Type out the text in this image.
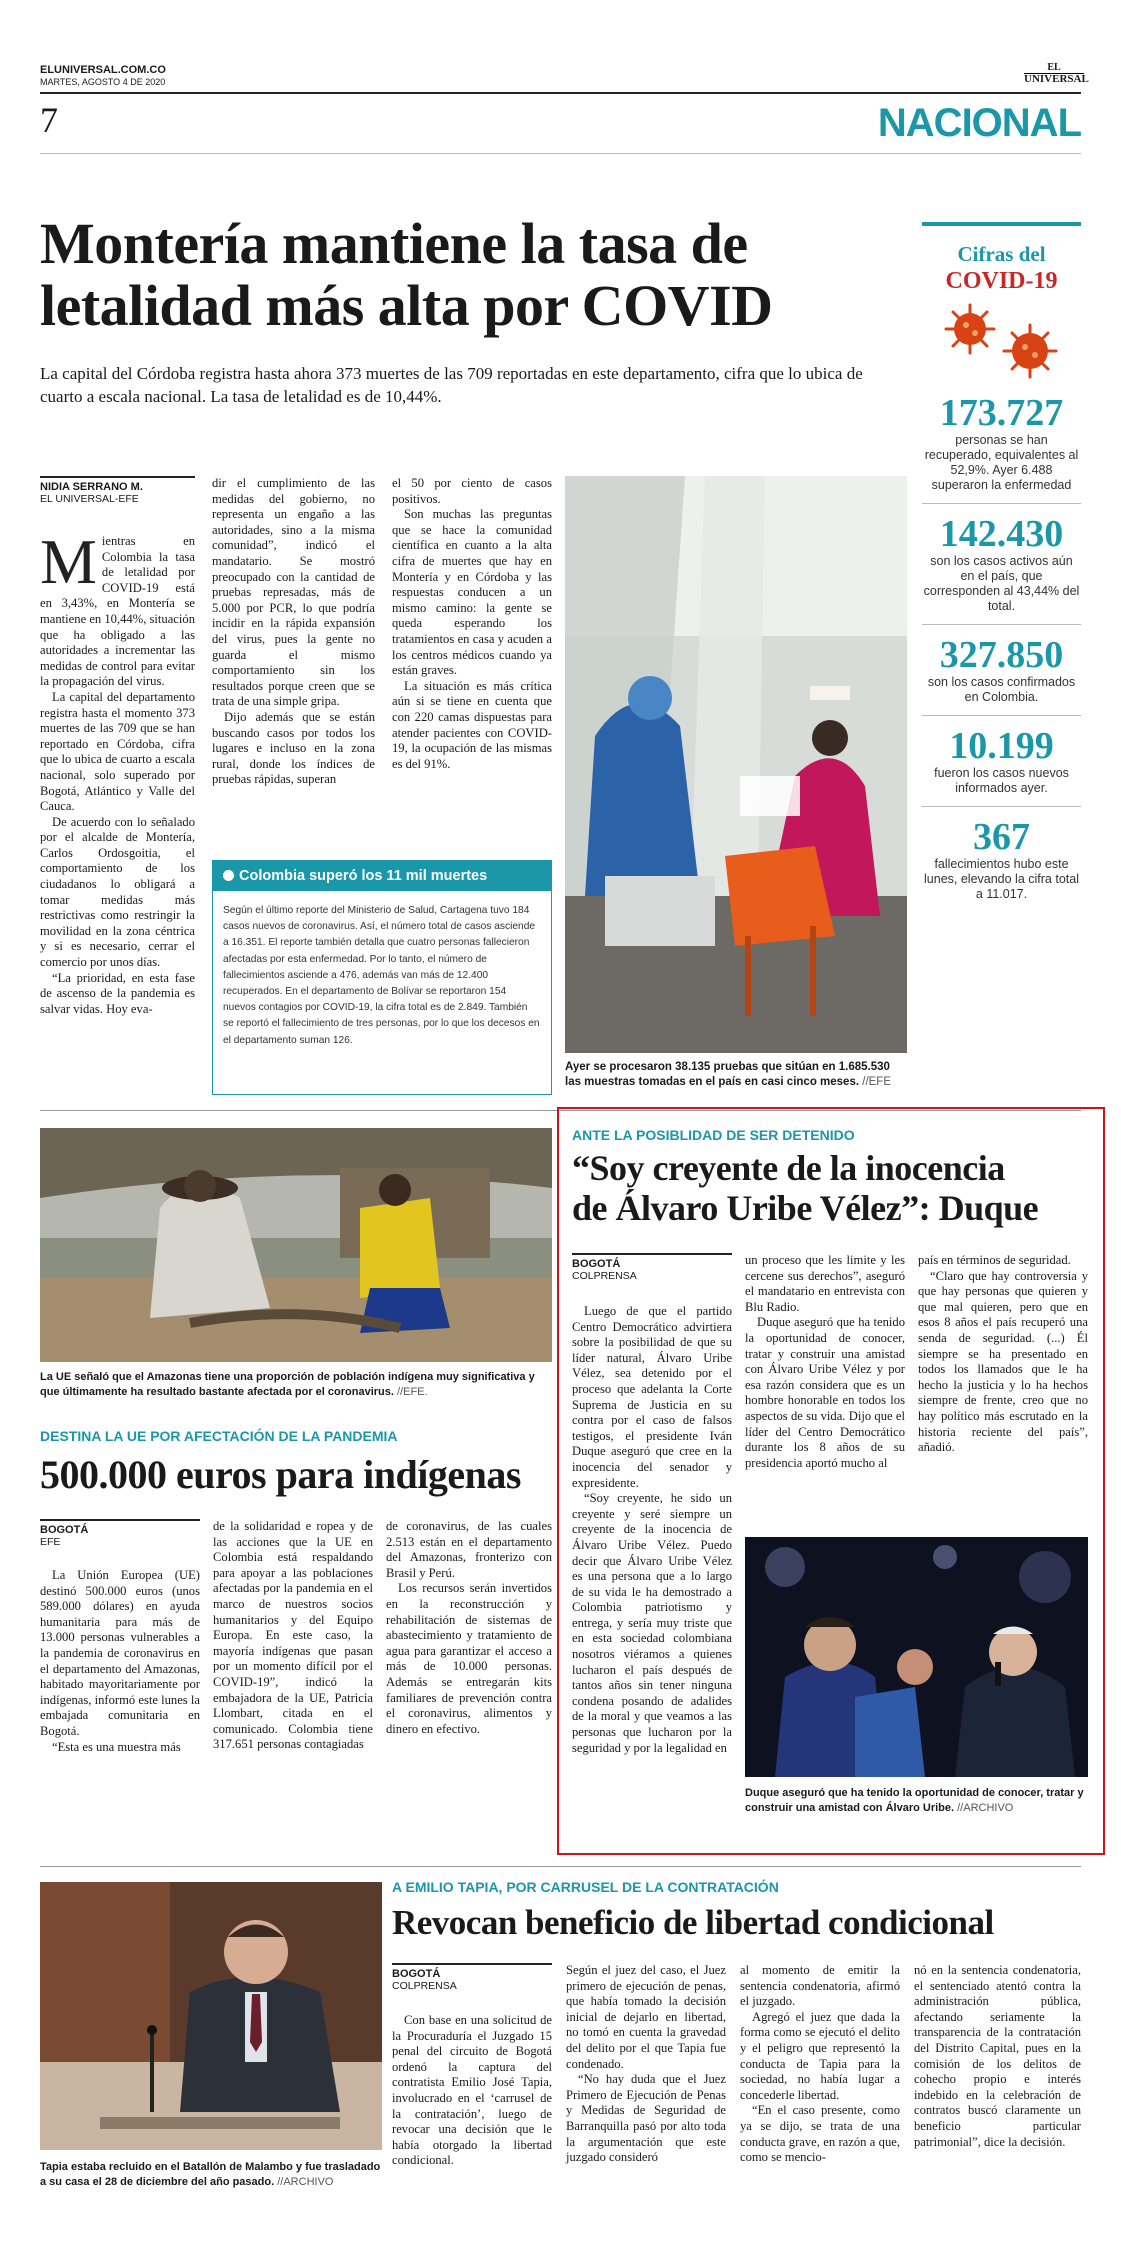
ELUNIVERSAL.COM.CO
MARTES, AGOSTO 4 DE 2020
EL
UNIVERSAL
7	NACIONAL
Montería mantiene la tasa de
letalidad más alta por COVID

La capital del Córdoba registra hasta ahora 373 muertes de las 709 reportadas en este departamento, cifra que lo ubica de cuarto a escala nacional. La tasa de letalidad es de 10,44%.

NIDIA SERRANO M.
EL UNIVERSAL-EFE

M ientras en Colombia la tasa de letalidad por COVID-19 está en 3,43%, en Montería se mantiene en 10,44%, situación que ha obligado a las autoridades a incrementar las medidas de control para evitar la propagación del virus.

La capital del departamento registra hasta el momento 373 muertes de las 709 que se han reportado en Córdoba, cifra que lo ubica de cuarto a escala nacional, solo superado por Bogotá, Atlántico y Valle del Cauca.

De acuerdo con lo señalado por el alcalde de Montería, Carlos Ordosgoitia, el comportamiento de los ciudadanos lo obligará a tomar medidas más restrictivas como restringir la movilidad en la zona céntrica y si es necesario, cerrar el comercio por unos días.

“La prioridad, en esta fase de ascenso de la pandemia es salvar vidas. Hoy eva-

dir el cumplimiento de las medidas del gobierno, no representa un engaño a las autoridades, sino a la misma comunidad”, indicó el mandatario. Se mostró preocupado con la cantidad de pruebas represadas, más de 5.000 por PCR, lo que podría incidir en la rápida expansión del virus, pues la gente no guarda el mismo comportamiento sin los resultados porque creen que se trata de una simple gripa.

Dijo además que se están buscando casos por todos los lugares e incluso en la zona rural, donde los índices de pruebas rápidas, superan

el 50 por ciento de casos positivos.

Son muchas las preguntas que se hace la comunidad científica en cuanto a la alta cifra de muertes que hay en Montería y en Córdoba y las respuestas conducen a un mismo camino: la gente se queda esperando los tratamientos en casa y acuden a los centros médicos cuando ya están graves.

La situación es más crítica aún si se tiene en cuenta que con 220 camas dispuestas para atender pacientes con COVID-19, la ocupación de las mismas es del 91%.

Colombia superó los 11 mil muertes

Según el último reporte del Ministerio de Salud, Cartagena tuvo 184 casos nuevos de coronavirus. Así, el número total de casos asciende a 16.351. El reporte también detalla que cuatro personas fallecieron afectadas por esta enfermedad. Por lo tanto, el número de fallecimientos asciende a 476, además van más de 12.400 recuperados. En el departamento de Bolívar se reportaron 154 nuevos contagios por COVID-19, la cifra total es de 2.849. También se reportó el fallecimiento de tres personas, por lo que los decesos en el departamento suman 126.

Ayer se procesaron 38.135 pruebas que sitúan en 1.685.530 las muestras tomadas en el país en casi cinco meses. //EFE
Cifras del
COVID-19
173.727
personas se han recuperado, equivalentes al 52,9%. Ayer 6.488 superaron la enfermedad
142.430
son los casos activos aún en el país, que corresponden al 43,44% del total.
327.850
son los casos confirmados en Colombia.
10.199
fueron los casos nuevos informados ayer.
367
fallecimientos hubo este lunes, elevando la cifra total a 11.017.
La UE señaló que el Amazonas tiene una proporción de población indígena muy significativa y que últimamente ha resultado bastante afectada por el coronavirus. //EFE.
DESTINA LA UE POR AFECTACIÓN DE LA PANDEMIA
500.000 euros para indígenas
BOGOTÁ
EFE

La Unión Europea (UE) destinó 500.000 euros (unos 589.000 dólares) en ayuda humanitaria para más de 13.000 personas vulnerables a la pandemia de coronavirus en el departamento del Amazonas, habitado mayoritariamente por indígenas, informó este lunes la embajada comunitaria en Bogotá.

“Esta es una muestra más

de la solidaridad e ropea y de las acciones que la UE en Colombia está respaldando para apoyar a las poblaciones afectadas por la pandemia en el marco de nuestros socios humanitarios y del Equipo Europa. En este caso, la mayoría indígenas que pasan por un momento difícil por el COVID-19”, indicó la embajadora de la UE, Patricia Llombart, citada en el comunicado. Colombia tiene 317.651 personas contagiadas

de coronavirus, de las cuales 2.513 están en el departamento del Amazonas, fronterizo con Brasil y Perú.

Los recursos serán invertidos en la reconstrucción y rehabilitación de sistemas de abastecimiento y tratamiento de agua para garantizar el acceso a más de 10.000 personas. Además se entregarán kits familiares de prevención contra el coronavirus, alimentos y dinero en efectivo.

ANTE LA POSIBLIDAD DE SER DETENIDO
“Soy creyente de la inocencia
de Álvaro Uribe Vélez”: Duque
BOGOTÁ
COLPRENSA

Luego de que el partido Centro Democrático advirtiera sobre la posibilidad de que su líder natural, Álvaro Uribe Vélez, sea detenido por el proceso que adelanta la Corte Suprema de Justicia en su contra por el caso de falsos testigos, el presidente Iván Duque aseguró que cree en la inocencia del senador y expresidente.

“Soy creyente, he sido un creyente y seré siempre un creyente de la inocencia de Álvaro Uribe Vélez. Puedo decir que Álvaro Uribe Vélez es una persona que a lo largo de su vida le ha demostrado a Colombia patriotismo y entrega, y sería muy triste que en esta sociedad colombiana nosotros viéramos a quienes lucharon el país después de tantos años sin tener ninguna condena posando de adalides de la moral y que veamos a las personas que lucharon por la seguridad y por la legalidad en

un proceso que les limite y les cercene sus derechos”, aseguró el mandatario en entrevista con Blu Radio.

Duque aseguró que ha tenido la oportunidad de conocer, tratar y construir una amistad con Álvaro Uribe Vélez y por esa razón considera que es un hombre honorable en todos los aspectos de su vida. Dijo que el líder del Centro Democrático durante los 8 años de su presidencia aportó mucho al

país en términos de seguridad.

“Claro que hay controversia y que hay personas que quieren y que mal quieren, pero que en esos 8 años el país recuperó una senda de seguridad. (...) Él siempre se ha presentado en todos los llamados que le ha hecho la justicia y lo ha hechos siempre de frente, creo que no hay político más escrutado en la historia reciente del país”, añadió.

Duque aseguró que ha tenido la oportunidad de conocer, tratar y construir una amistad con Álvaro Uribe. //ARCHIVO
Tapia estaba recluido en el Batallón de Malambo y fue trasladado a su casa el 28 de diciembre del año pasado. //ARCHIVO
A EMILIO TAPIA, POR CARRUSEL DE LA CONTRATACIÓN
Revocan beneficio de libertad condicional
BOGOTÁ
COLPRENSA

Con base en una solicitud de la Procuraduría el Juzgado 15 penal del circuito de Bogotá ordenó la captura del contratista Emilio José Tapia, involucrado en el ‘carrusel de la contratación’, luego de revocar una decisión que le había otorgado la libertad condicional.

Según el juez del caso, el Juez primero de ejecución de penas, que había tomado la decisión inicial de dejarlo en libertad, no tomó en cuenta la gravedad del delito por el que Tapia fue condenado.

“No hay duda que el Juez Primero de Ejecución de Penas y Medidas de Seguridad de Barranquilla pasó por alto toda la argumentación que este juzgado consideró

al momento de emitir la sentencia condenatoria, afirmó el juzgado.

Agregó el juez que dada la forma como se ejecutó el delito y el peligro que representó la conducta de Tapia para la sociedad, no había lugar a concederle libertad.

“En el caso presente, como ya se dijo, se trata de una conducta grave, en razón a que, como se mencio-

nó en la sentencia condenatoria, el sentenciado atentó contra la administración pública, afectando seriamente la transparencia de la contratación del Distrito Capital, pues en la comisión de los delitos de cohecho propio e interés indebido en la celebración de contratos buscó claramente un beneficio particular patrimonial”, dice la decisión.
